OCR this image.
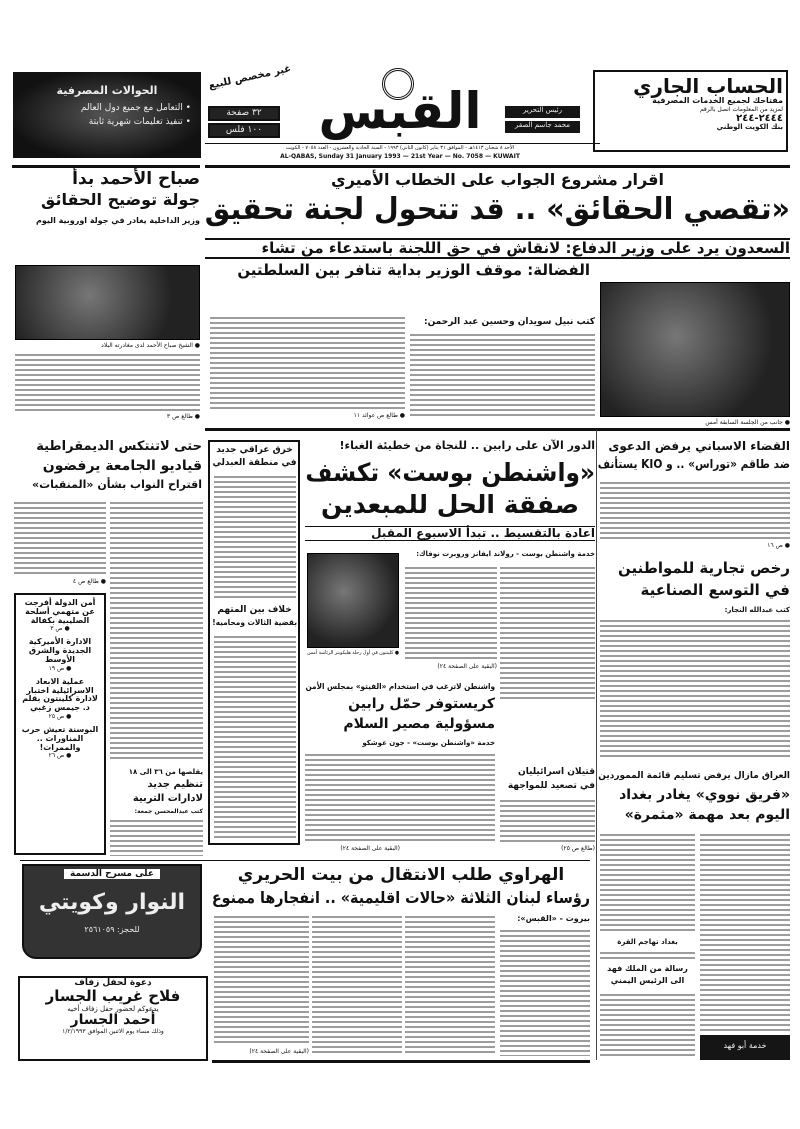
الحوالات المصرفية
• التعامل مع جميع دول العالم
• تنفيذ تعليمات شهرية ثابتة
غير مخصص للبيع
٣٢ صفحة
١٠٠ فلس	القبس	رئيس التحرير
محمد جاسم الصقر
الحساب الجاري
مفتاحك لجميع الخدمات المصرفية
لمزيد من المعلومات اتصل بالرقم
٢٤٤٤-٢٤٤
بنك الكويت الوطني
الأحد ٨ شعبان ١٤١٣هـ - الموافق ٣١ يناير (كانون الثاني) ١٩٩٣ - السنة الحادية والعشرون - العدد ٧٠٥٨ - الكويت
AL-QABAS, Sunday 31 January 1993 — 21st Year — No. 7058 — KUWAIT
اقرار مشروع الجواب على الخطاب الأميري
«تقصي الحقائق» .. قد تتحول لجنة تحقيق
السعدون يرد على وزير الدفاع: لانقاش في حق اللجنة باستدعاء من تشاء
الفضالة: موقف الوزير بداية تنافر بين السلطتين
● جانب من الجلسة السابقة أمس
كتب نبيل سويدان وحسين عبد الرحمن:
● طالع ص عوائد ١١
صباح الأحمد بدأ
جولة توضيح الحقائق
وزير الداخلية يغادر في جولة اوروبية اليوم
● الشيخ صباح الأحمد لدى مغادرته البلاد
● طالع ص ٣
القضاء الاسباني يرفض الدعوى
ضد طاقم «توراس» .. و KIO يستأنف
● ص ١٦
رخص تجارية للمواطنين
في التوسع الصناعية
كتب عبدالله النجار:
العراق مازال يرفض تسليم قائمة المموردين
«فريق نووي» يغادر بغداد
اليوم بعد مهمة «مثمرة»
بغداد تهاجم القرة
رسالة من الملك فهد
الى الرئيس اليمني
خدمة أبو فهد
الدور الآن على رابين .. للنجاة من خطيئة الغباء!
«واشنطن بوست» تكشف
صفقة الحل للمبعدين
اعادة بالتقسيط .. تبدأ الاسبوع المقبل
خدمة واشنطن بوست - رولاند ايفانز وروبرت نوفاك:
● كلينتون في أول رحلة هليكوبتر الرئاسة أمس
(البقية على الصفحة ٢٤)
واشنطن لاترغب في استخدام «الفيتو» بمجلس الأمن
كريستوفر حمّل رابين
مسؤولية مصير السلام
خدمة «واشنطن بوست» - جون غوشكو
(البقية على الصفحة ٢٤)
قتيلان اسرائيليان
في تصعيد للمواجهة
(طالع ص ٢٥)
خرق عراقي جديد
في منطقة العبدلي
خلاف بين المتهم
بقضية الثالات ومحاميه!
حتى لاتنتكس الديمقراطية
قياديو الجامعة يرفضون
اقتراح النواب بشأن «المنقبات»
● طالع ص ٤
أمن الدولة أفرجت عن متهمي أسلحة الصليبية بكفالة
● ص ٣
الادارة الأميركية الجديدة والشرق الأوسط
● ص ١٩
عملية الابعاد الاسرائيلية اختبار لادارة كلينتون بقلم د. جيمس زغبي
● ص ٢٥
البوسنة تعيش حرب المناورات .. والممرات!
● ص ٢٦
يقلصها من ٣٦ الى ١٨
تنظيم جديد
لادارات التربية
كتب عبدالمحسن جمعة:
على مسرح الدسمة
النوار وكويتي
للحجز: ٢٥٦١٠٥٩
دعوة لحفل زفاف
فلاح غريب الجسار
يدعوكم لحضور حفل زفاف أخيه
أحمد الجسار
وذلك مساء يوم الاثنين الموافق ١/٢/١٩٩٣
الهراوي طلب الانتقال من بيت الحريري
رؤساء لبنان الثلاثة «حالات اقليمية» .. انفجارها ممنوع
بيروت - «القبس»:
(البقية على الصفحة ٢٤)
